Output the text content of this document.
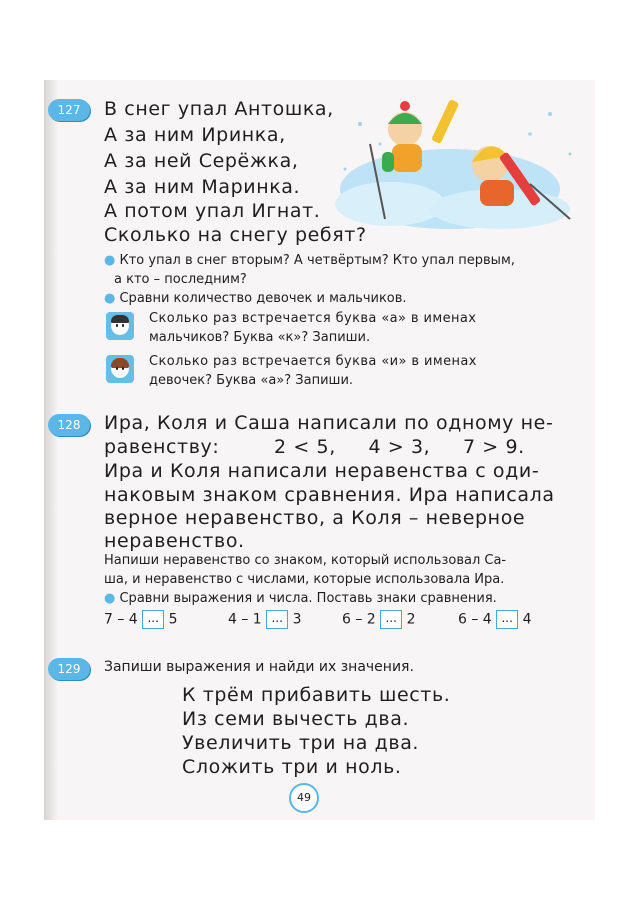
127	В снег упал Антошка,
А за ним Иринка,
А за ней Серёжка,
А за ним Маринка.
А потом упал Игнат.
Сколько на снегу ребят?
● Кто упал в снег вторым? А четвёртым? Кто упал первым,
а кто – последним?
● Сравни количество девочек и мальчиков.
Сколько раз встречается буква «а» в именах
мальчиков? Буква «к»? Запиши.
Сколько раз встречается буква «и» в именах
девочек? Буква «а»? Запиши.
128	Ира, Коля и Саша написали по одному не-
равенству:	2 < 5, 4 > 3, 7 > 9.
Ира и Коля написали неравенства с оди-
наковым знаком сравнения. Ира написала
верное неравенство, а Коля – неверное
неравенство.
Напиши неравенство со знаком, который использовал Са-
ша, и неравенство с числами, которые использовала Ира.
● Сравни выражения и числа. Поставь знаки сравнения.
7 – 4 ... 5	4 – 1 ... 3	6 – 2 ... 2	6 – 4 ... 4
129	Запиши выражения и найди их значения.
К трём прибавить шесть.
Из семи вычесть два.
Увеличить три на два.
Сложить три и ноль.
49
